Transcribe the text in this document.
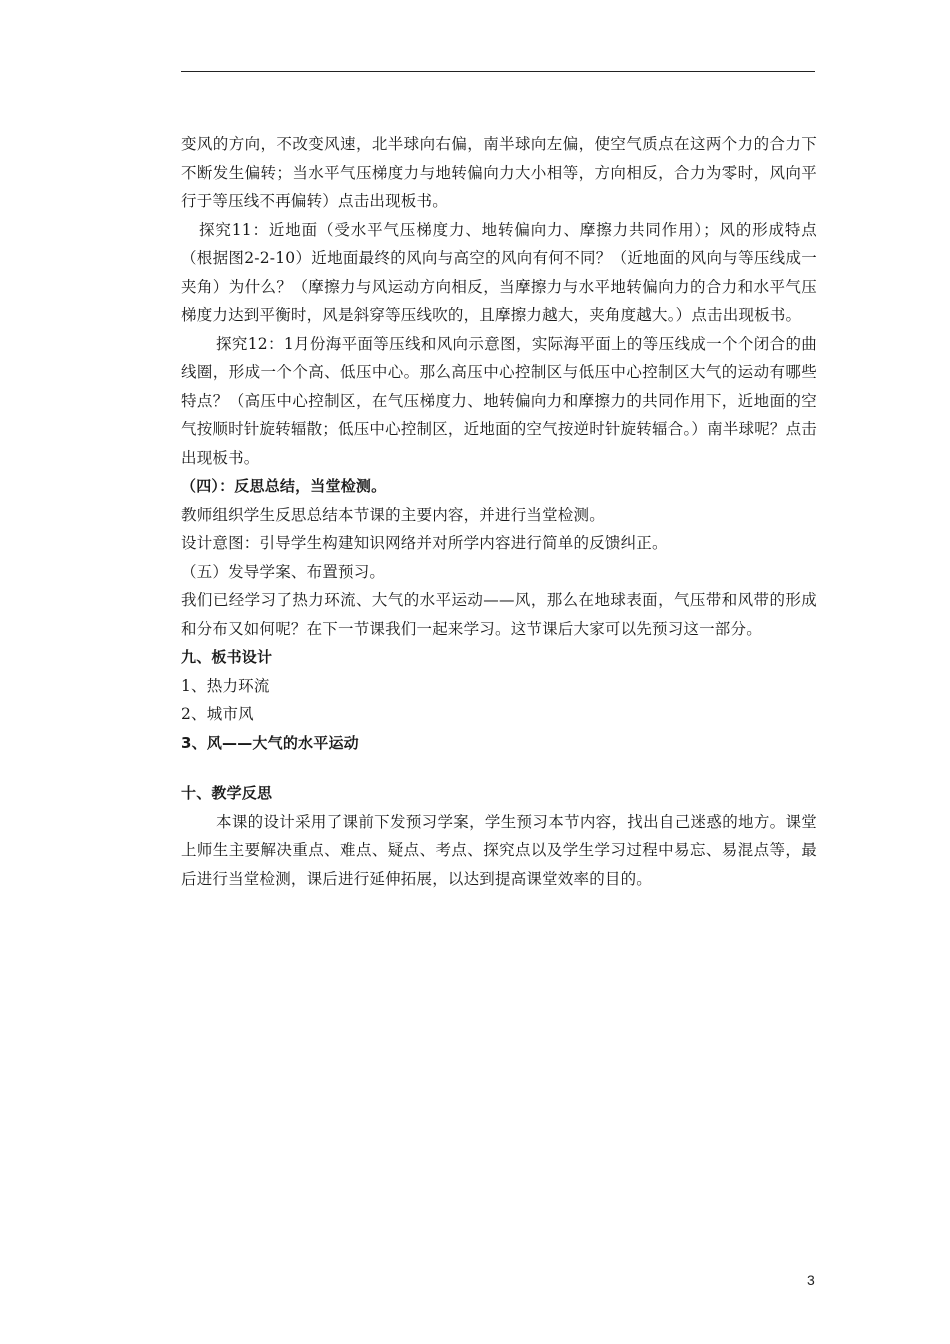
变风的方向，不改变风速，北半球向右偏，南半球向左偏，使空气质点在这两个力的合力下不断发生偏转；当水平气压梯度力与地转偏向力大小相等，方向相反，合力为零时，风向平行于等压线不再偏转）点击出现板书。

探究11：近地面（受水平气压梯度力、地转偏向力、摩擦力共同作用）；风的形成特点（根据图2-2-10）近地面最终的风向与高空的风向有何不同？（近地面的风向与等压线成一夹角）为什么？（摩擦力与风运动方向相反，当摩擦力与水平地转偏向力的合力和水平气压梯度力达到平衡时，风是斜穿等压线吹的，且摩擦力越大，夹角度越大。）点击出现板书。

探究12：1月份海平面等压线和风向示意图，实际海平面上的等压线成一个个闭合的曲线圈，形成一个个高、低压中心。那么高压中心控制区与低压中心控制区大气的运动有哪些特点？（高压中心控制区，在气压梯度力、地转偏向力和摩擦力的共同作用下，近地面的空气按顺时针旋转辐散；低压中心控制区，近地面的空气按逆时针旋转辐合。）南半球呢？点击出现板书。

（四）：反思总结，当堂检测。

教师组织学生反思总结本节课的主要内容，并进行当堂检测。

设计意图：引导学生构建知识网络并对所学内容进行简单的反馈纠正。

（五）发导学案、布置预习。

我们已经学习了热力环流、大气的水平运动——风，那么在地球表面，气压带和风带的形成和分布又如何呢？在下一节课我们一起来学习。这节课后大家可以先预习这一部分。

九、板书设计

1、热力环流

2、城市风

3、风——大气的水平运动

十、教学反思

本课的设计采用了课前下发预习学案，学生预习本节内容，找出自己迷惑的地方。课堂上师生主要解决重点、难点、疑点、考点、探究点以及学生学习过程中易忘、易混点等，最后进行当堂检测，课后进行延伸拓展，以达到提高课堂效率的目的。

3
